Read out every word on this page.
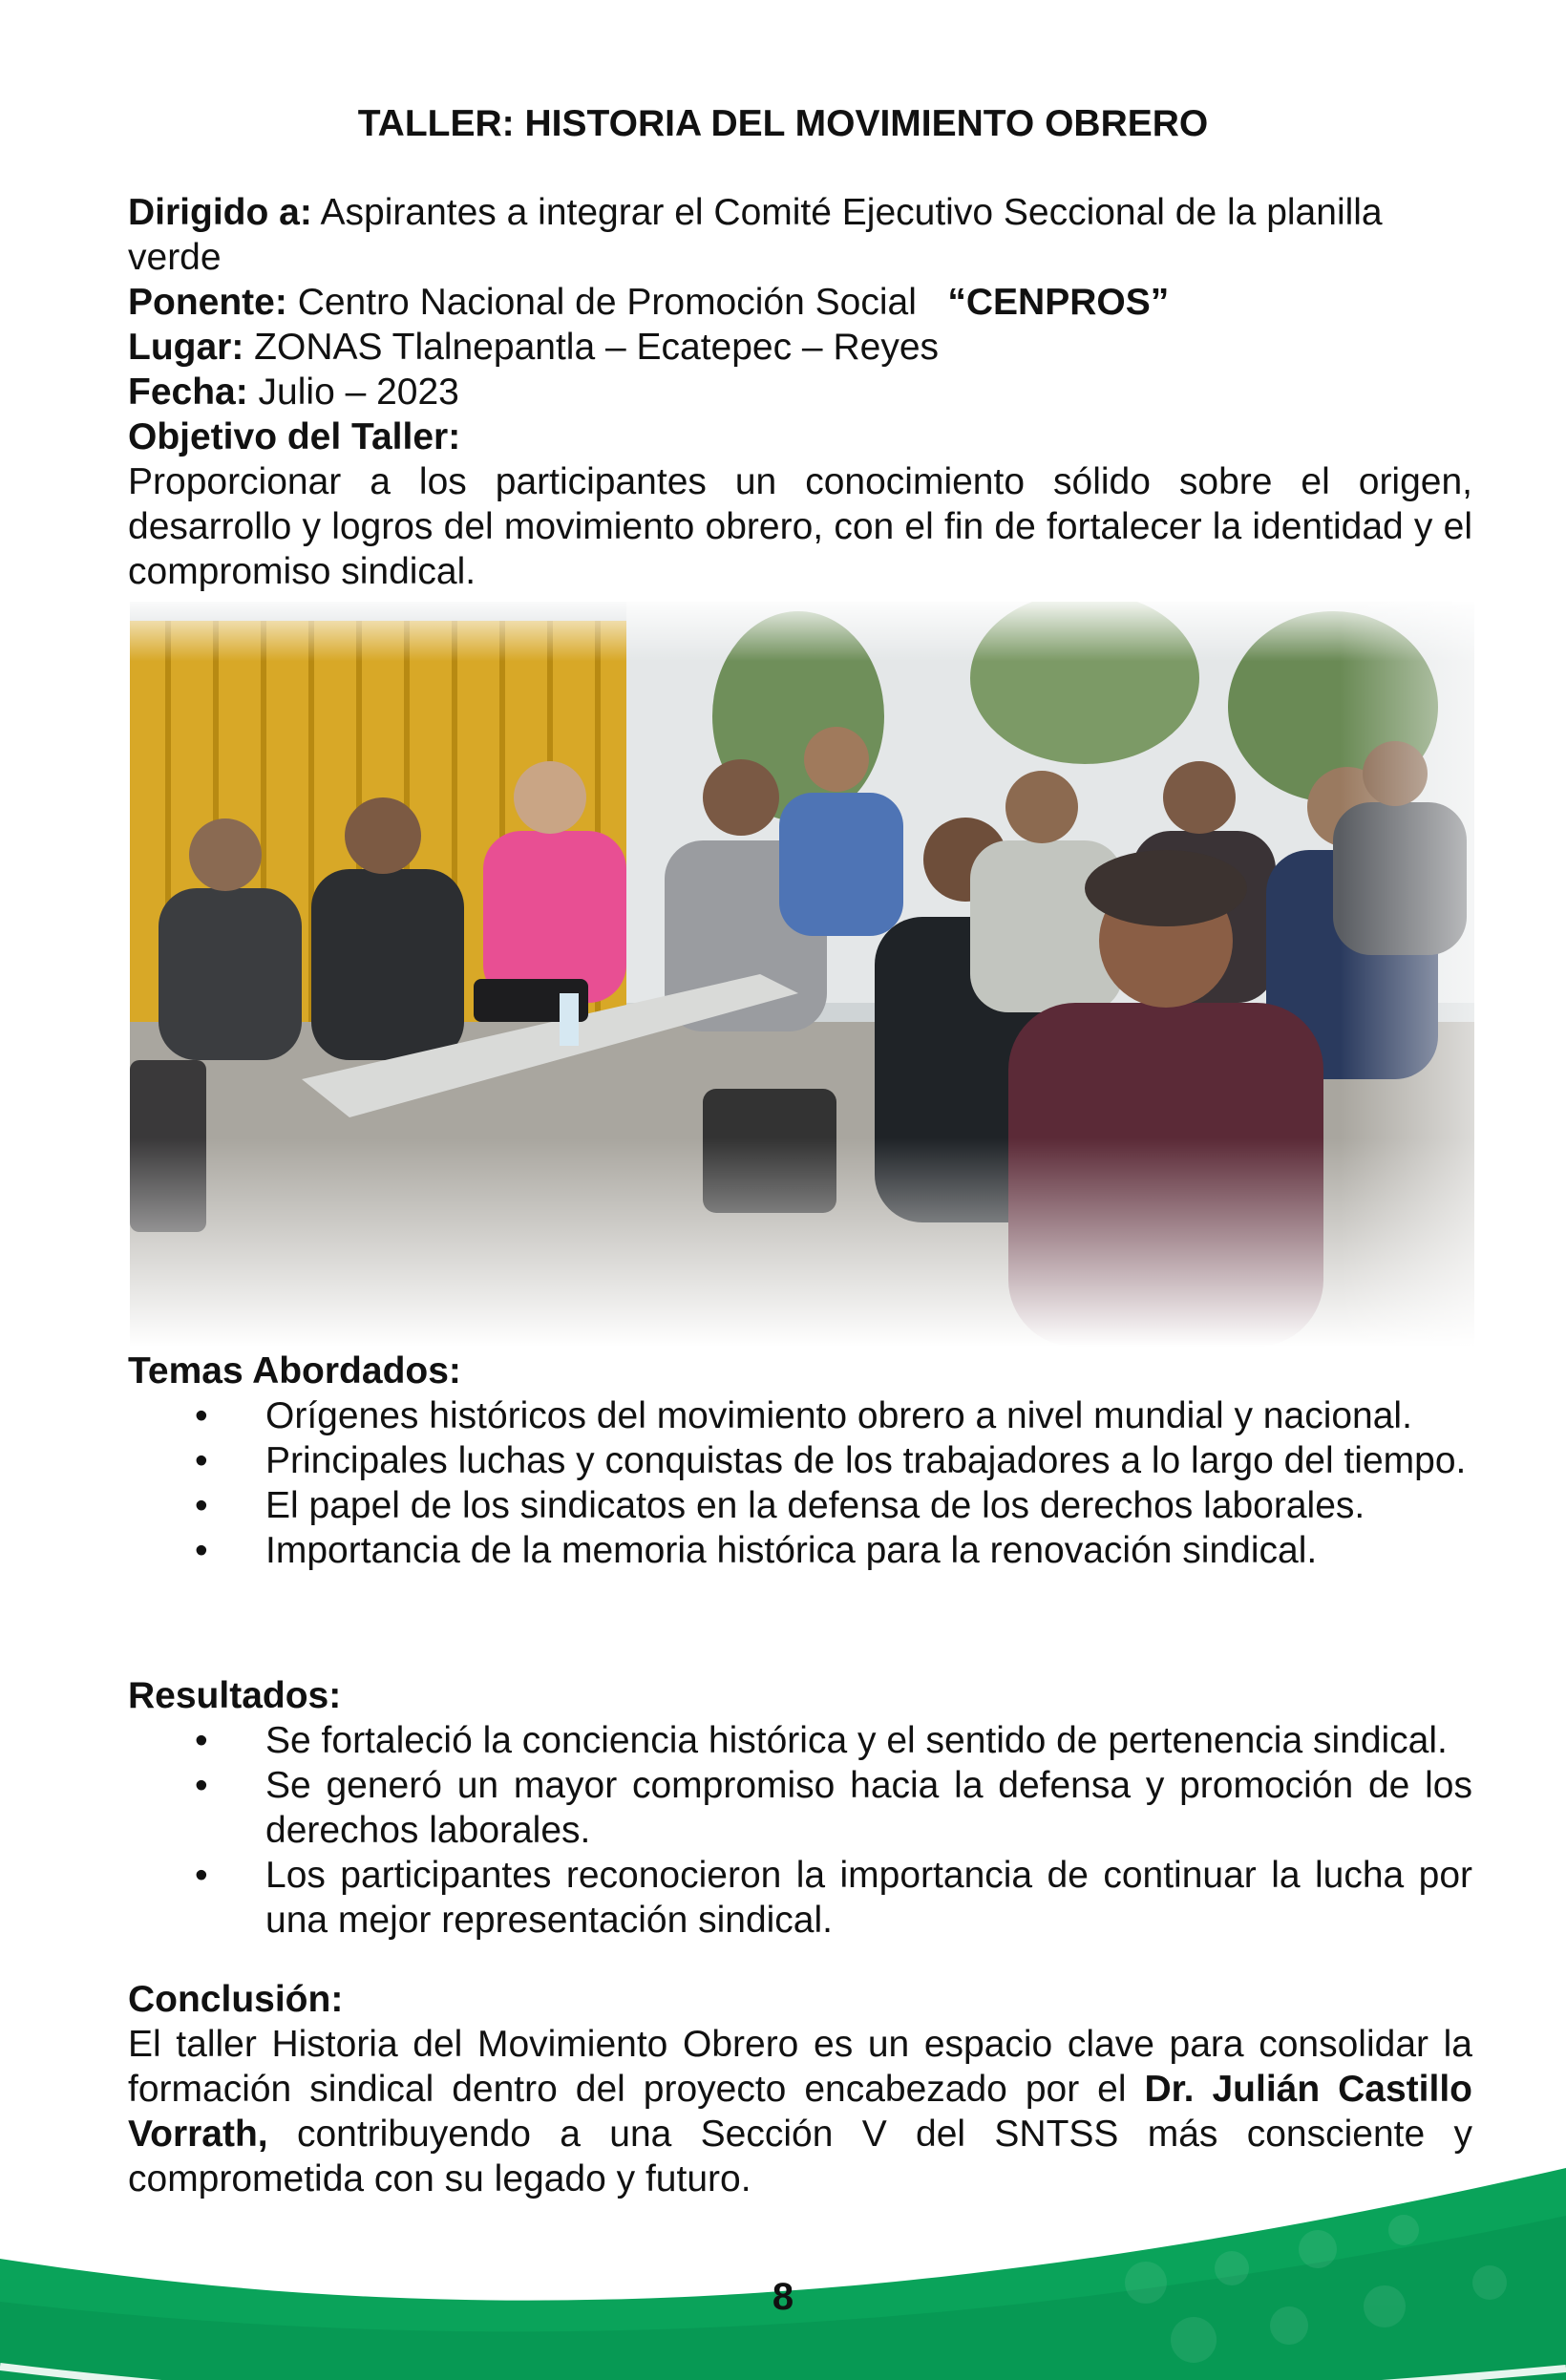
TALLER: HISTORIA DEL MOVIMIENTO OBRERO

Dirigido a: Aspirantes a integrar el Comité Ejecutivo Seccional de la planilla verde

Ponente: Centro Nacional de Promoción Social “CENPROS”

Lugar: ZONAS Tlalnepantla – Ecatepec – Reyes

Fecha: Julio – 2023

Objetivo del Taller:

Proporcionar a los participantes un conocimiento sólido sobre el origen, desarrollo y logros del movimiento obrero, con el fin de fortalecer la identidad y el compromiso sindical.

Temas Abordados:
• Orígenes históricos del movimiento obrero a nivel mundial y nacional.
• Principales luchas y conquistas de los trabajadores a lo largo del tiempo.
• El papel de los sindicatos en la defensa de los derechos laborales.
• Importancia de la memoria histórica para la renovación sindical.
Resultados:
• Se fortaleció la conciencia histórica y el sentido de pertenencia sindical.
• Se generó un mayor compromiso hacia la defensa y promoción de los derechos laborales.
• Los participantes reconocieron la importancia de continuar la lucha por una mejor representación sindical.
Conclusión:

El taller Historia del Movimiento Obrero es un espacio clave para consolidar la formación sindical dentro del proyecto encabezado por el Dr. Julián Castillo Vorrath, contribuyendo a una Sección V del SNTSS más consciente y comprometida con su legado y futuro.

8
